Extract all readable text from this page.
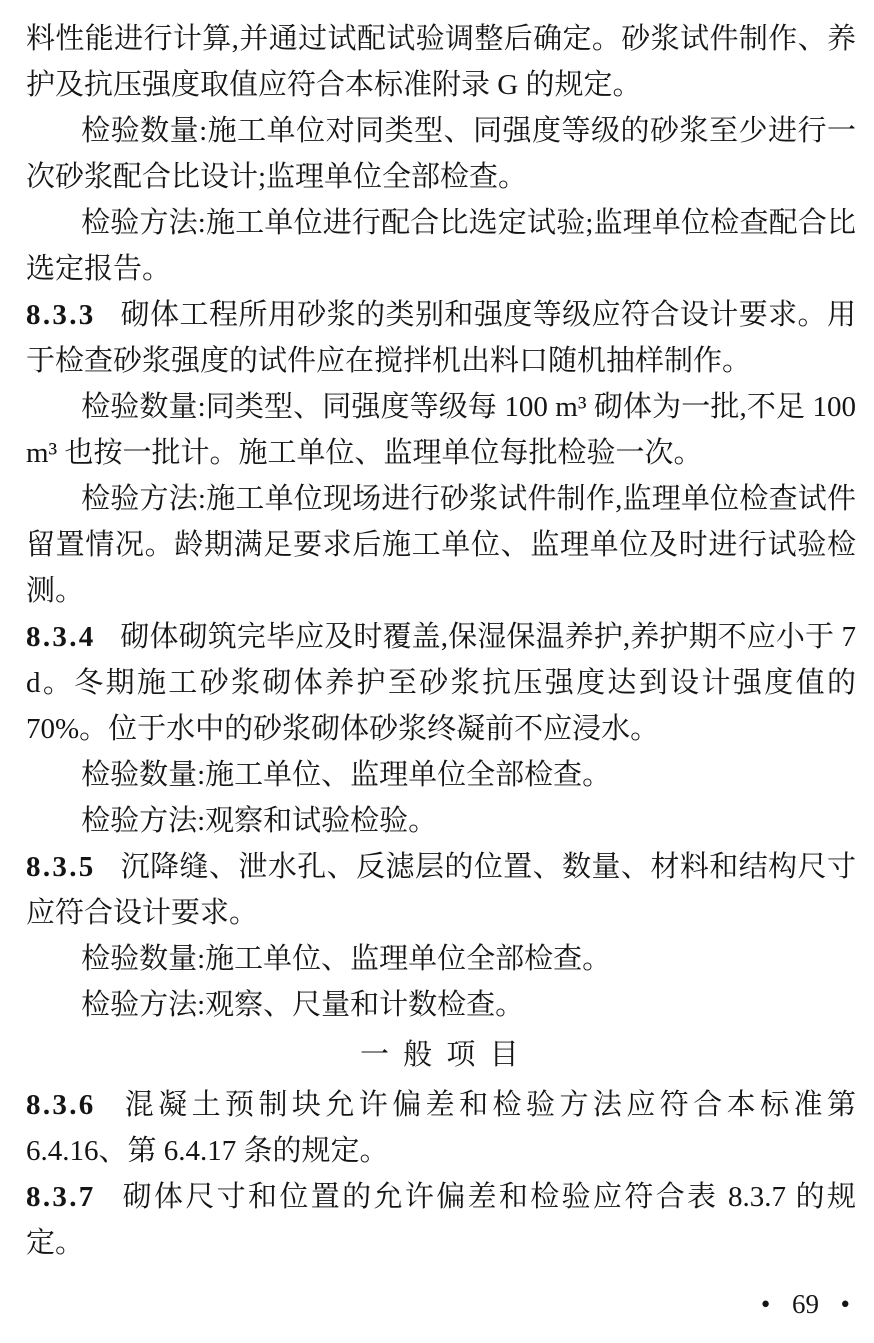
料性能进行计算,并通过试配试验调整后确定。砂浆试件制作、养护及抗压强度取值应符合本标准附录 G 的规定。

检验数量:施工单位对同类型、同强度等级的砂浆至少进行一次砂浆配合比设计;监理单位全部检查。

检验方法:施工单位进行配合比选定试验;监理单位检查配合比选定报告。

8.3.3 砌体工程所用砂浆的类别和强度等级应符合设计要求。用于检查砂浆强度的试件应在搅拌机出料口随机抽样制作。

检验数量:同类型、同强度等级每 100 m³ 砌体为一批,不足 100 m³ 也按一批计。施工单位、监理单位每批检验一次。

检验方法:施工单位现场进行砂浆试件制作,监理单位检查试件留置情况。龄期满足要求后施工单位、监理单位及时进行试验检测。

8.3.4 砌体砌筑完毕应及时覆盖,保湿保温养护,养护期不应小于 7 d。冬期施工砂浆砌体养护至砂浆抗压强度达到设计强度值的 70%。位于水中的砂浆砌体砂浆终凝前不应浸水。

检验数量:施工单位、监理单位全部检查。

检验方法:观察和试验检验。

8.3.5 沉降缝、泄水孔、反滤层的位置、数量、材料和结构尺寸应符合设计要求。

检验数量:施工单位、监理单位全部检查。

检验方法:观察、尺量和计数检查。

一 般 项 目

8.3.6 混凝土预制块允许偏差和检验方法应符合本标准第 6.4.16、第 6.4.17 条的规定。

8.3.7 砌体尺寸和位置的允许偏差和检验应符合表 8.3.7 的规定。

• 69 •
